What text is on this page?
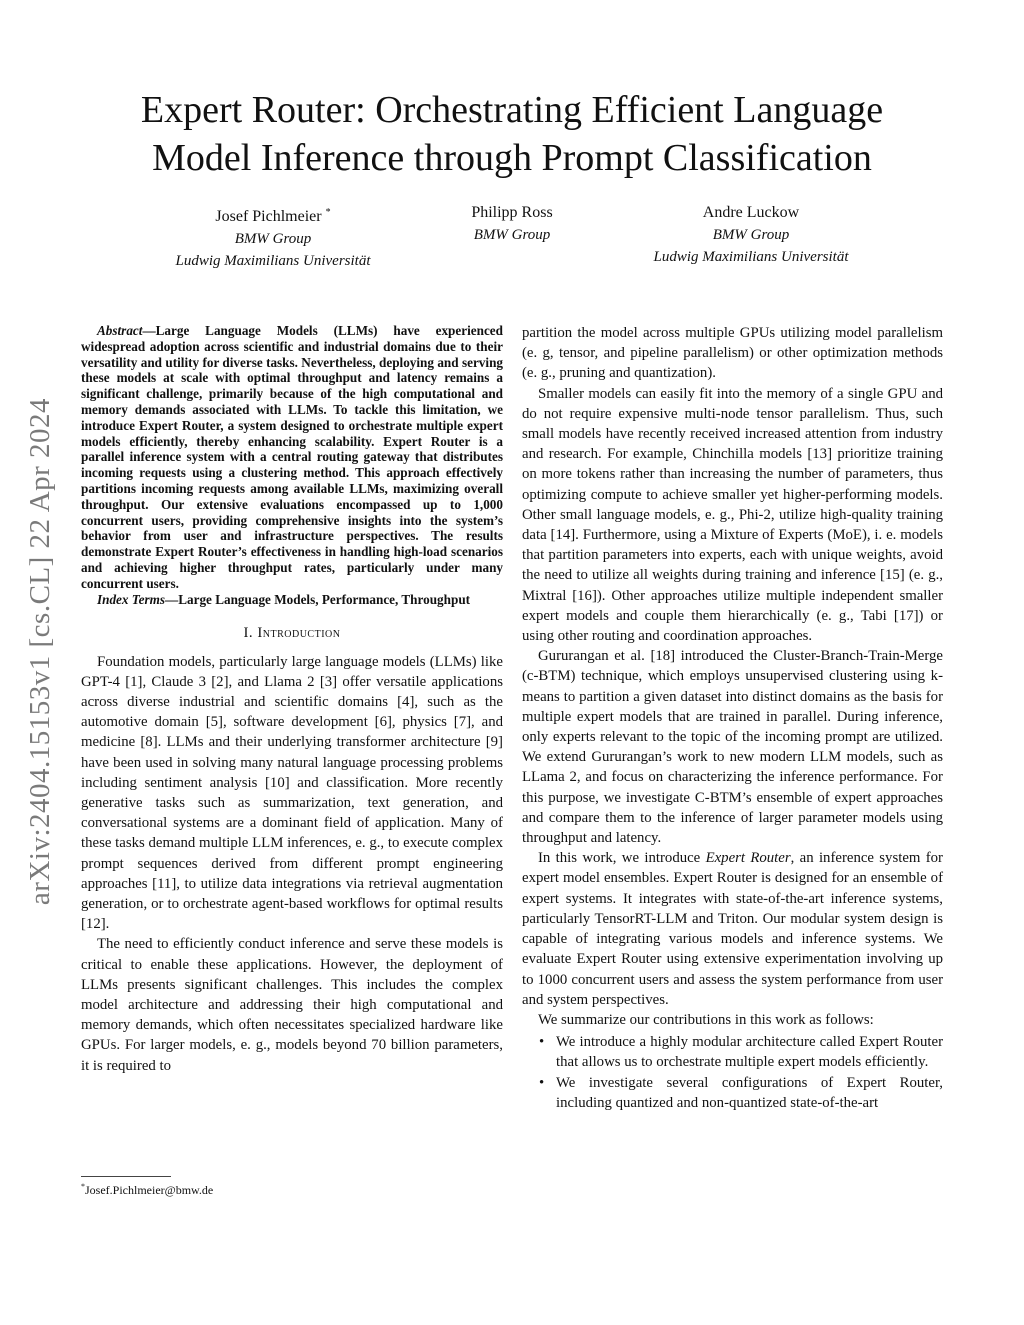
arXiv:2404.15153v1 [cs.CL] 22 Apr 2024
Expert Router: Orchestrating Efficient Language
Model Inference through Prompt Classification
Josef Pichlmeier *
BMW Group
Ludwig Maximilians Universität
Philipp Ross
BMW Group
Andre Luckow
BMW Group
Ludwig Maximilians Universität

Abstract—Large Language Models (LLMs) have experienced widespread adoption across scientific and industrial domains due to their versatility and utility for diverse tasks. Nevertheless, deploying and serving these models at scale with optimal throughput and latency remains a significant challenge, primarily because of the high computational and memory demands associated with LLMs. To tackle this limitation, we introduce Expert Router, a system designed to orchestrate multiple expert models efficiently, thereby enhancing scalability. Expert Router is a parallel inference system with a central routing gateway that distributes incoming requests using a clustering method. This approach effectively partitions incoming requests among available LLMs, maximizing overall throughput. Our extensive evaluations encompassed up to 1,000 concurrent users, providing comprehensive insights into the system’s behavior from user and infrastructure perspectives. The results demonstrate Expert Router’s effectiveness in handling high-load scenarios and achieving higher throughput rates, particularly under many concurrent users.

Index Terms—Large Language Models, Performance, Throughput

I. Introduction

Foundation models, particularly large language models (LLMs) like GPT-4 [1], Claude 3 [2], and Llama 2 [3] offer versatile applications across diverse industrial and scientific domains [4], such as the automotive domain [5], software development [6], physics [7], and medicine [8]. LLMs and their underlying transformer architecture [9] have been used in solving many natural language processing problems including sentiment analysis [10] and classification. More recently generative tasks such as summarization, text generation, and conversational systems are a dominant field of application. Many of these tasks demand multiple LLM inferences, e. g., to execute complex prompt sequences derived from different prompt engineering approaches [11], to utilize data integrations via retrieval augmentation generation, or to orchestrate agent-based workflows for optimal results [12].

The need to efficiently conduct inference and serve these models is critical to enable these applications. However, the deployment of LLMs presents significant challenges. This includes the complex model architecture and addressing their high computational and memory demands, which often necessitates specialized hardware like GPUs. For larger models, e. g., models beyond 70 billion parameters, it is required to

partition the model across multiple GPUs utilizing model parallelism (e. g, tensor, and pipeline parallelism) or other optimization methods (e. g., pruning and quantization).

Smaller models can easily fit into the memory of a single GPU and do not require expensive multi-node tensor parallelism. Thus, such small models have recently received increased attention from industry and research. For example, Chinchilla models [13] prioritize training on more tokens rather than increasing the number of parameters, thus optimizing compute to achieve smaller yet higher-performing models. Other small language models, e. g., Phi-2, utilize high-quality training data [14]. Furthermore, using a Mixture of Experts (MoE), i. e. models that partition parameters into experts, each with unique weights, avoid the need to utilize all weights during training and inference [15] (e. g., Mixtral [16]). Other approaches utilize multiple independent smaller expert models and couple them hierarchically (e. g., Tabi [17]) or using other routing and coordination approaches.

Gururangan et al. [18] introduced the Cluster-Branch-Train-Merge (c-BTM) technique, which employs unsupervised clustering using k-means to partition a given dataset into distinct domains as the basis for multiple expert models that are trained in parallel. During inference, only experts relevant to the topic of the incoming prompt are utilized. We extend Gururangan’s work to new modern LLM models, such as LLama 2, and focus on characterizing the inference performance. For this purpose, we investigate C-BTM’s ensemble of expert approaches and compare them to the inference of larger parameter models using throughput and latency.

In this work, we introduce Expert Router, an inference system for expert model ensembles. Expert Router is designed for an ensemble of expert systems. It integrates with state-of-the-art inference systems, particularly TensorRT-LLM and Triton. Our modular system design is capable of integrating various models and inference systems. We evaluate Expert Router using extensive experimentation involving up to 1000 concurrent users and assess the system performance from user and system perspectives.

We summarize our contributions in this work as follows:

• We introduce a highly modular architecture called Expert Router that allows us to orchestrate multiple expert models efficiently.
• We investigate several configurations of Expert Router, including quantized and non-quantized state-of-the-art
*Josef.Pichlmeier@bmw.de
